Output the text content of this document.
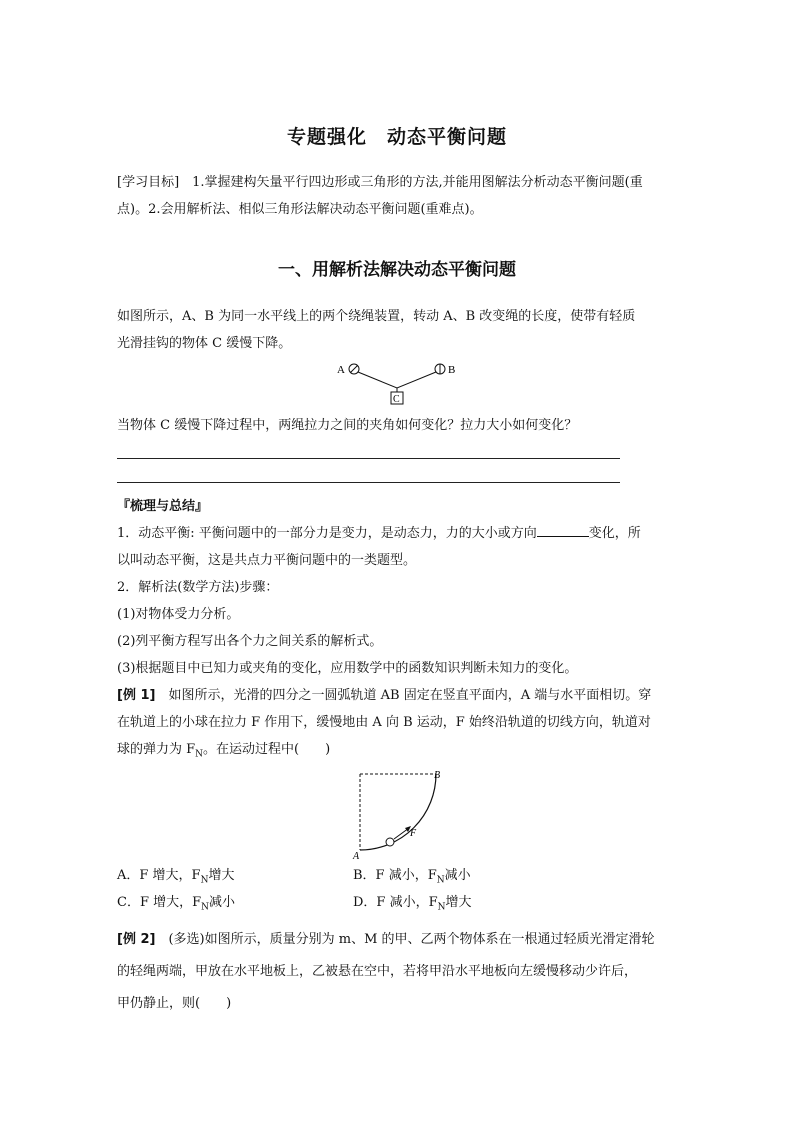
专题强化　动态平衡问题
[学习目标]　1.掌握建构矢量平行四边形或三角形的方法,并能用图解法分析动态平衡问题(重
点)。2.会用解析法、相似三角形法解决动态平衡问题(重难点)。
一、用解析法解决动态平衡问题
如图所示，A、B 为同一水平线上的两个绕绳装置，转动 A、B 改变绳的长度，使带有轻质
光滑挂钩的物体 C 缓慢下降。
A	B
C
当物体 C 缓慢下降过程中，两绳拉力之间的夹角如何变化？拉力大小如何变化？
『梳理与总结』
1．动态平衡: 平衡问题中的一部分力是变力，是动态力，力的大小或方向	变化，所
以叫动态平衡，这是共点力平衡问题中的一类题型。
2．解析法(数学方法)步骤：
(1)对物体受力分析。
(2)列平衡方程写出各个力之间关系的解析式。
(3)根据题目中已知力或夹角的变化，应用数学中的函数知识判断未知力的变化。
[例 1]　 如图所示，光滑的四分之一圆弧轨道 AB 固定在竖直平面内，A 端与水平面相切。穿
在轨道上的小球在拉力 F 作用下，缓慢地由 A 向 B 运动，F 始终沿轨道的切线方向，轨道对
球的弹力为 $F_N$。在运动过程中(　　)
F
B
A
A．F 增大，$F_N$增大	B．F 减小，$F_N$减小
C．F 增大，$F_N$减小	D．F 减小，$F_N$增大
[例 2]　 (多选)如图所示，质量分别为 m、M 的甲、乙两个物体系在一根通过轻质光滑定滑轮
的轻绳两端，甲放在水平地板上，乙被悬在空中，若将甲沿水平地板向左缓慢移动少许后，
甲仍静止，则(　　)
